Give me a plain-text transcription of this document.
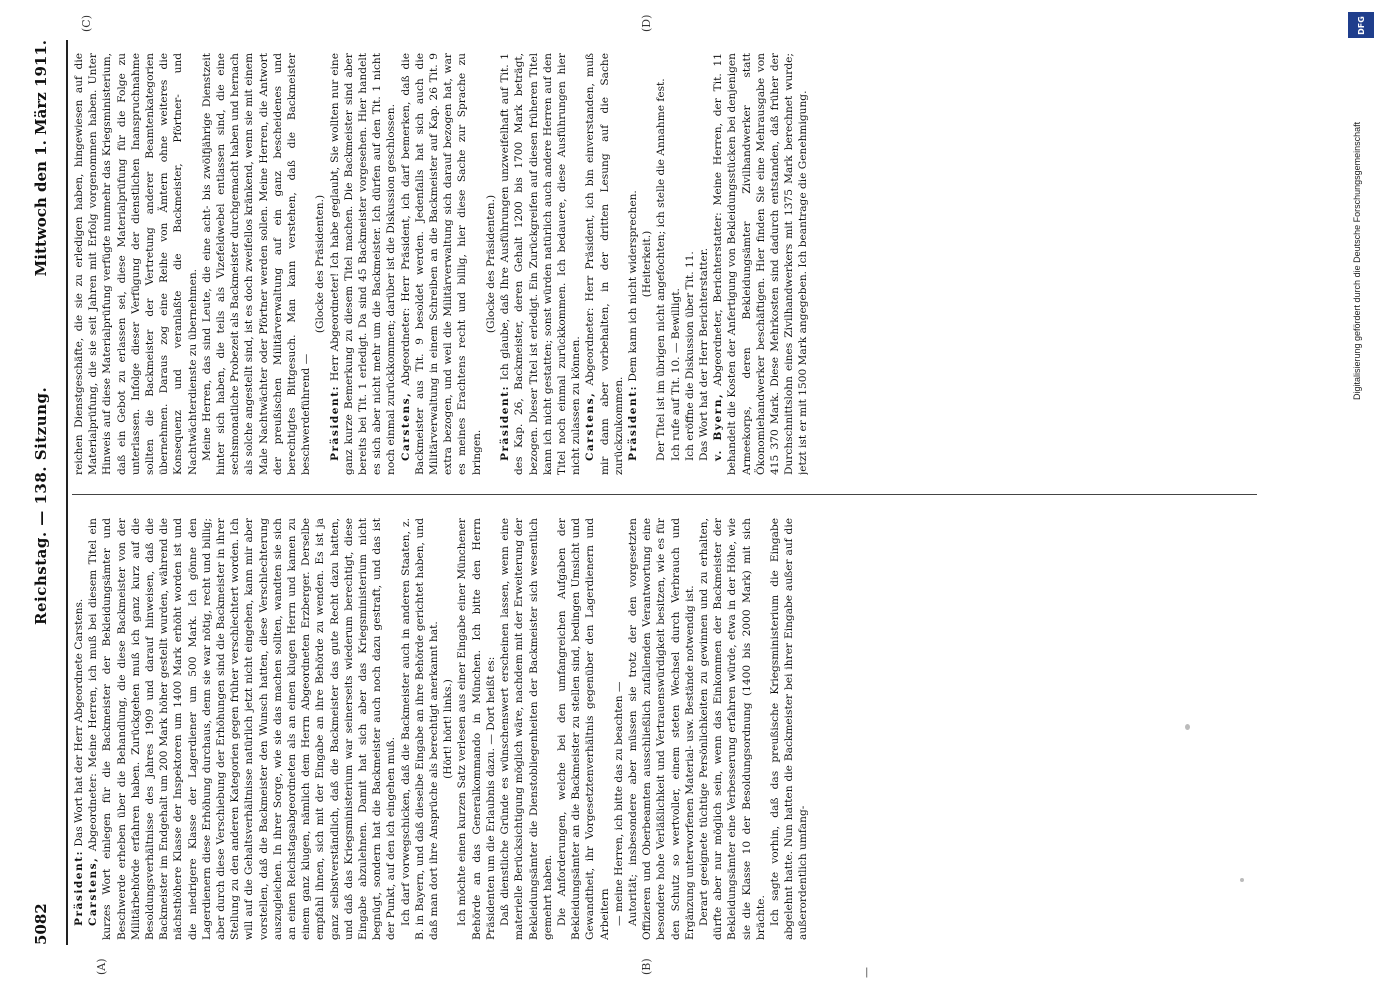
5082
Reichstag. — 138. Sitzung.
Mittwoch den 1. März 1911.
(A)	(B)
(C)	(D)
—

Präsident: Das Wort hat der Herr Abgeordnete Carstens.

Carstens, Abgeordneter: Meine Herren, ich muß bei diesem Titel ein kurzes Wort einlegen für die Backmeister der Bekleidungsämter und Beschwerde erheben über die Behandlung, die diese Backmeister von der Militärbehörde erfahren haben. Zurückgehen muß ich ganz kurz auf die Besoldungsverhältnisse des Jahres 1909 und darauf hinweisen, daß die Backmeister im Endgehalt um 200 Mark höher gestellt wurden, während die nächsthöhere Klasse der Inspektoren um 1400 Mark erhöht worden ist und die niedrigere Klasse der Lagerdiener um 500 Mark. Ich gönne den Lagerdienern diese Erhöhung durchaus, denn sie war nötig, recht und billig; aber durch diese Verschiebung der Erhöhungen sind die Backmeister in ihrer Stellung zu den anderen Kategorien gegen früher verschlechtert worden. Ich will auf die Gehaltsverhältnisse natürlich jetzt nicht eingehen, kann mir aber vorstellen, daß die Backmeister den Wunsch hatten, diese Verschlechterung auszugleichen. In ihrer Sorge, wie sie das machen sollten, wandten sie sich an einen Reichstagsabgeordneten als an einen klugen Herrn und kamen zu einem ganz klugen, nämlich dem Herrn Abgeordneten Erzberger. Derselbe empfahl ihnen, sich mit der Eingabe an ihre Behörde zu wenden. Es ist ja ganz selbstverständlich, daß die Backmeister das gute Recht dazu hatten, und daß das Kriegsministerium war seinerseits wiederum berechtigt, diese Eingabe abzulehnen. Damit hat sich aber das Kriegsministerium nicht begnügt, sondern hat die Backmeister auch noch dazu gestraft, und das ist der Punkt, auf den ich eingehen muß. Ich darf vorwegschicken, daß die Backmeister auch in anderen Staaten, z. B. in Bayern, und daß dieselbe Eingabe an ihre Behörde gerichtet haben, und daß man dort ihre Ansprüche als berechtigt anerkannt hat. (Hört! hört! links.) Ich möchte einen kurzen Satz verlesen aus einer Eingabe einer Münchener Behörde an das Generalkommando in München. Ich bitte den Herrn Präsidenten um die Erlaubnis dazu. — Dort heißt es: Daß dienstliche Gründe es wünschenswert erscheinen lassen, wenn eine materielle Berücksichtigung möglich wäre, nachdem mit der Erweiterung der Bekleidungsämter die Dienstobliegenheiten der Backmeister sich wesentlich gemehrt haben. Die Anforderungen, welche bei den umfangreichen Aufgaben der Bekleidungsämter an die Backmeister zu stellen sind, bedingen Umsicht und Gewandtheit, ihr Vorgesetztenverhältnis gegenüber den Lagerdienern und Arbeitern — meine Herren, ich bitte das zu beachten — Autorität; insbesondere aber müssen sie trotz der den vorgesetzten Offizieren und Oberbeamten ausschließlich zufallenden Verantwortung eine besondere hohe Verläßlichkeit und Vertrauenswürdigkeit besitzen, wie es für den Schutz so wertvoller, einem steten Wechsel durch Verbrauch und Ergänzung unterworfenen Material- usw. Bestände notwendig ist. Derart geeignete tüchtige Persönlichkeiten zu gewinnen und zu erhalten, dürfte aber nur möglich sein, wenn das Einkommen der Backmeister der Bekleidungsämter eine Verbesserung erfahren würde, etwa in der Höhe, wie sie die Klasse 10 der Besoldungsordnung (1400 bis 2000 Mark) mit sich brächte. Ich sagte vorhin, daß das preußische Kriegsministerium die Eingabe abgelehnt hatte. Nun hatten die Backmeister bei ihrer Eingabe außer auf die außerordentlich umfang-

reichen Dienstgeschäfte, die sie zu erledigen haben, hingewiesen auf die Materialprüfung, die sie seit Jahren mit Erfolg vorgenommen haben. Unter Hinweis auf diese Materialprüfung verfügte nunmehr das Kriegsministerium, daß ein Gebot zu erlassen sei, diese Materialprüfung für die Folge zu unterlassen. Infolge dieser Verfügung der dienstlichen Inanspruchnahme sollten die Backmeister der Vertretung anderer Beamtenkategorien übernehmen. Daraus zog eine Reihe von Ämtern ohne weiteres die Konsequenz und veranlaßte die Backmeister, Pförtner- und Nachtwächterdienste zu übernehmen. Meine Herren, das sind Leute, die eine acht- bis zwölfjährige Dienstzeit hinter sich haben, die teils als Vizefeldwebel entlassen sind, die eine sechsmonatliche Probezeit als Backmeister durchgemacht haben und hernach als solche angestellt sind, ist es doch zweifellos kränkend, wenn sie mit einem Male Nachtwächter oder Pförtner werden sollen. Meine Herren, die Antwort der preußischen Militärverwaltung auf ein ganz bescheidenes und berechtigtes Bittgesuch. Man kann verstehen, daß die Backmeister beschwerdeführend —

(Glocke des Präsidenten.)

Präsident: Herr Abgeordneter! Ich habe geglaubt, Sie wollten nur eine ganz kurze Bemerkung zu diesem Titel machen. Die Backmeister sind aber bereits bei Tit. 1 erledigt. Da sind 45 Backmeister vorgesehen. Hier handelt es sich aber nicht mehr um die Backmeister. Ich dürfen auf den Tit. 1 nicht noch einmal zurückkommen; darüber ist die Diskussion geschlossen. Carstens, Abgeordneter: Herr Präsident, ich darf bemerken, daß die Backmeister aus Tit. 9 besoldet werden. Jedenfalls hat sich auch die Militärverwaltung in einem Schreiben an die Backmeister auf Kap. 26 Tit. 9 extra bezogen, und weil die Militärverwaltung sich darauf bezogen hat, war es meines Erachtens recht und billig, hier diese Sache zur Sprache zu bringen.

(Glocke des Präsidenten.)

Präsident: Ich glaube, daß Ihre Ausführungen unzweifelhaft auf Tit. 1 des Kap. 26, Backmeister, deren Gehalt 1200 bis 1700 Mark beträgt, bezogen. Dieser Titel ist erledigt. Ein Zurückgreifen auf diesen früheren Titel kann ich nicht gestatten; sonst würden natürlich auch andere Herren auf den Titel noch einmal zurückkommen. Ich bedauere, diese Ausführungen hier nicht zulassen zu können. Carstens, Abgeordneter: Herr Präsident, ich bin einverstanden, muß mir dann aber vorbehalten, in der dritten Lesung auf die Sache zurückzukommen. Präsident: Dem kann ich nicht widersprechen. (Heiterkeit.) Der Titel ist im übrigen nicht angefochten; ich stelle die Annahme fest. Ich rufe auf Tit. 10. — Bewilligt. Ich eröffne die Diskussion über Tit. 11. Das Wort hat der Herr Berichterstatter. v. Byern, Abgeordneter, Berichterstatter: Meine Herren, der Tit. 11 behandelt die Kosten der Anfertigung von Bekleidungsstücken bei denjenigen Armeekorps, deren Bekleidungsämter Zivilhandwerker statt Ökonomiehandwerker beschäftigen. Hier finden Sie eine Mehrausgabe von 415 370 Mark. Diese Mehrkosten sind dadurch entstanden, daß früher der Durchschnittslohn eines Zivilhandwerkers mit 1375 Mark berechnet wurde; jetzt ist er mit 1500 Mark angegeben. Ich beantrage die Genehmigung.

DFG
Digitalisierung gefördert durch die Deutsche Forschungsgemeinschaft
